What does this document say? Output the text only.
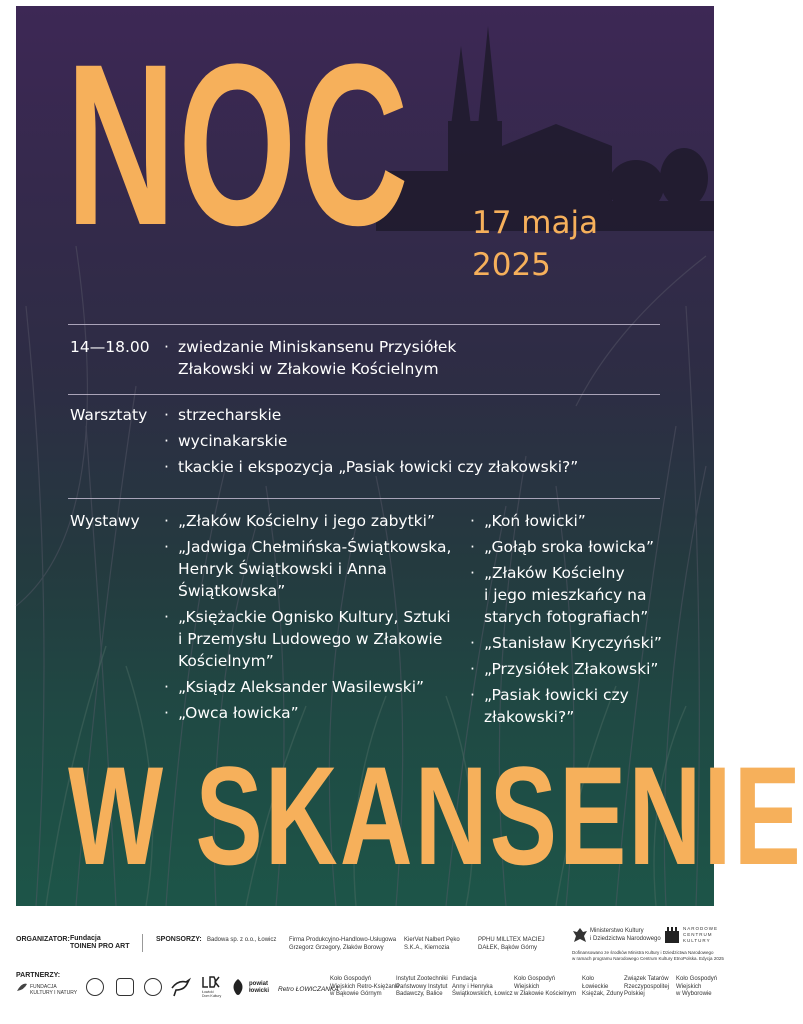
NOC 17 maja
2025
14—18.00	· zwiedzanie Miniskansenu Przysiółek
Złakowski w Złakowie Kościelnym
Warsztaty	· strzecharskie
· wycinakarskie
· tkackie i ekspozycja „Pasiak łowicki czy złakowski?”
Wystawy	· „Złaków Kościelny i jego zabytki”
· „Jadwiga Chełmińska-Świątkowska,
Henryk Świątkowski i Anna
Świątkowska”
· „Księżackie Ognisko Kultury, Sztuki
i Przemysłu Ludowego w Złakowie
Kościelnym”
· „Ksiądz Aleksander Wasilewski”
· „Owca łowicka”
· „Koń łowicki”
· „Gołąb sroka łowicka”
· „Złaków Kościelny
i jego mieszkańcy na
starych fotografiach”
· „Stanisław Kryczyński”
· „Przysiółek Złakowski”
· „Pasiak łowicki czy
złakowski?”
W SKANSENIE
ORGANIZATOR: Fundacja
TOINEN PRO ART
SPONSORZY: Badowa sp. z o.o., Łowicz Firma Produkcyjno-Handlowo-Usługowa
Grzegorz Grzegory, Złaków Borowy
KierVet Nalbert Pęko
S.K.A., Kiernozia
PPHU MILLTEX MACIEJ
DAŁEK, Bąków Górny
Ministerstwo Kultury
i Dziedzictwa Narodowego
NARODOWE
CENTRUM
KULTURY
Dofinansowano ze środków Ministra Kultury i Dziedzictwa Narodowego
w ramach programu Narodowego Centrum Kultury EtnoPolska. Edycja 2025
PARTNERZY:
FUNDACJA
KULTURY I NATURY	Łowicki
Dom Kultury
powiat
łowicki Retro ŁOWICZANKA
Koło Gospodyń
Wiejskich Retro-Księżanki
w Bąkowie Górnym
Instytut Zootechniki
Państwowy Instytut
Badawczy, Balice
Fundacja
Anny i Henryka
Świątkowskich, Łowicz
Koło Gospodyń
Wiejskich
w Złakowie Kościelnym
Koło
Łowieckie
Księżak, Zduny
Związek Tatarów
Rzeczypospolitej
Polskiej
Koło Gospodyń
Wiejskich
w Wyborowie
